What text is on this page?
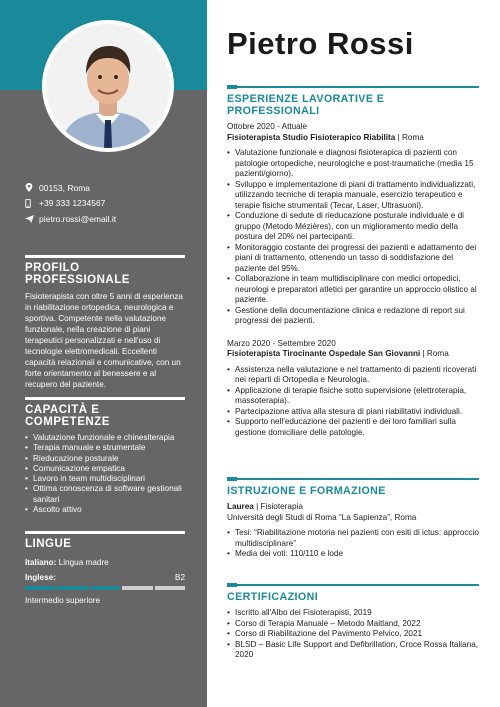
00153, Roma
+39 333 1234567
pietro.rossi@email.it
PROFILO PROFESSIONALE
Fisioterapista con oltre 5 anni di esperienza in riabilitazione ortopedica, neurologica e sportiva. Competente nella valutazione funzionale, nella creazione di piani terapeutici personalizzati e nell'uso di tecnologie elettromedicali. Eccellenti capacità relazionali e comunicative, con un forte orientamento al benessere e al recupero del paziente.
CAPACITÀ E COMPETENZE
• Valutazione funzionale e chinesiterapia
• Terapia manuale e strumentale
• Rieducazione posturale
• Comunicazione empatica
• Lavoro in team multidisciplinari
• Ottima conoscenza di software gestionali sanitari
• Ascolto attivo
LINGUE
Italiano: Lingua madre
Inglese:	B2
Intermedio superiore
Pietro Rossi
ESPERIENZE LAVORATIVE E PROFESSIONALI
Ottobre 2020 - Attuale
Fisioterapista Studio Fisioterapico Riabilita | Roma
• Valutazione funzionale e diagnosi fisioterapica di pazienti con patologie ortopediche, neurologiche e post-traumatiche (media 15 pazienti/giorno).
• Sviluppo e implementazione di piani di trattamento individualizzati, utilizzando tecniche di terapia manuale, esercizio terapeutico e terapie fisiche strumentali (Tecar, Laser, Ultrasuoni).
• Conduzione di sedute di rieducazione posturale individuale e di gruppo (Metodo Mézières), con un miglioramento medio della postura del 20% nei partecipanti.
• Monitoraggio costante dei progressi dei pazienti e adattamento dei piani di trattamento, ottenendo un tasso di soddisfazione del paziente del 95%.
• Collaborazione in team multidisciplinare con medici ortopedici, neurologi e preparatori atletici per garantire un approccio olistico al paziente.
• Gestione della documentazione clinica e redazione di report sui progressi dei pazienti.
Marzo 2020 - Settembre 2020
Fisioterapista Tirocinante Ospedale San Giovanni | Roma
• Assistenza nella valutazione e nel trattamento di pazienti ricoverati nei reparti di Ortopedia e Neurologia.
• Applicazione di terapie fisiche sotto supervisione (elettroterapia, massoterapia).
• Partecipazione attiva alla stesura di piani riabilitativi individuali.
• Supporto nell'educazione dei pazienti e dei loro familiari sulla gestione domiciliare delle patologie.
ISTRUZIONE E FORMAZIONE
Laurea | Fisioterapia
Università degli Studi di Roma “La Sapienza”, Roma
• Tesi: “Riabilitazione motoria nei pazienti con esiti di ictus: approccio multidisciplinare”
• Media dei voti: 110/110 e lode
CERTIFICAZIONI
• Iscritto all'Albo dei Fisioterapisti, 2019
• Corso di Terapia Manuale – Metodo Maitland, 2022
• Corso di Riabilitazione del Pavimento Pelvico, 2021
• BLSD – Basic Life Support and Defibrillation, Croce Rossa Italiana, 2020
